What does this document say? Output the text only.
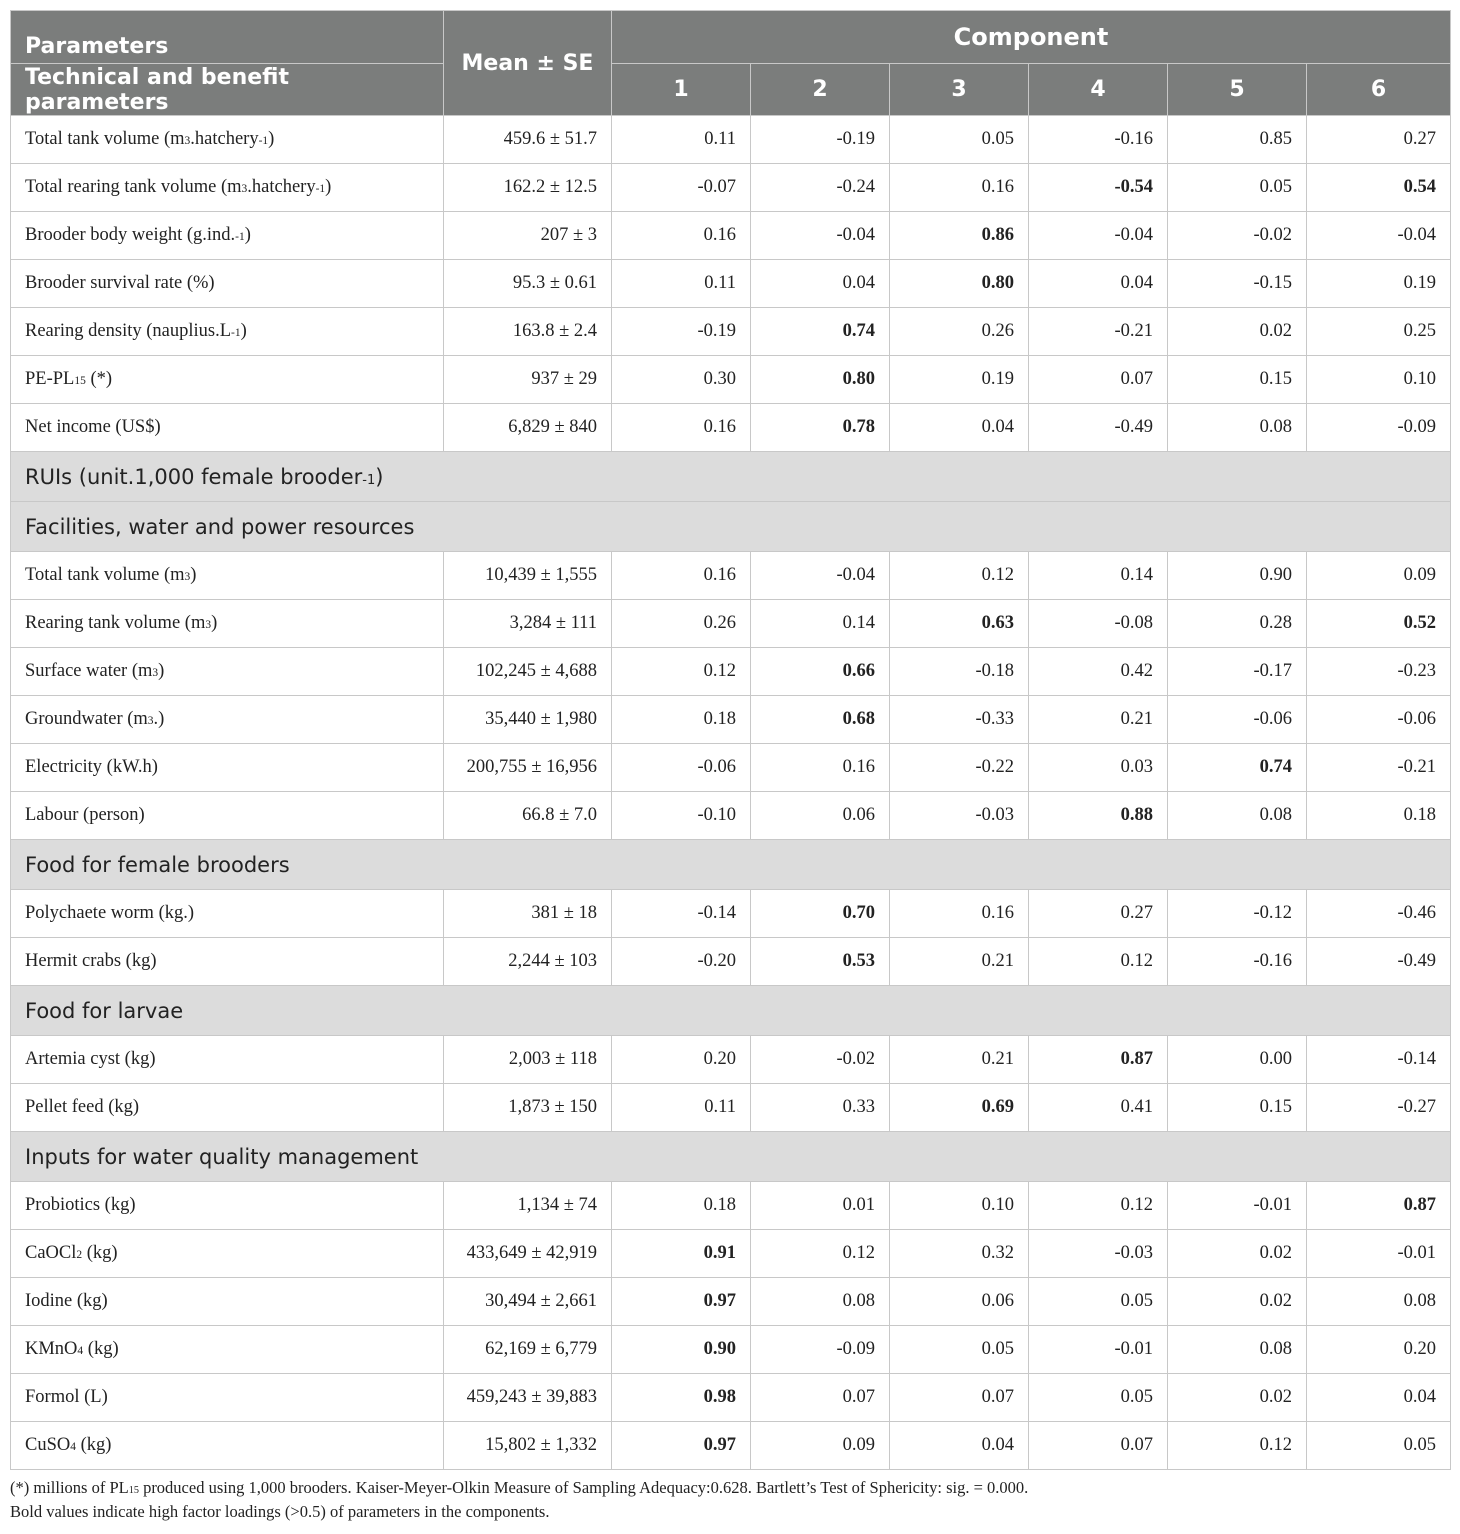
Parameters	Mean ± SE	Component					
Technical and benefit parameters		1	2	3	4	5	6
Total tank volume $(m^3.hatchery^{-1})$	459.6 ± 51.7	0.11	-0.19	0.05	-0.16	0.85	0.27
Total rearing tank volume $(m^3.hatchery^{-1})$	162.2 ± 12.5	-0.07	-0.24	0.16	-0.54	0.05	0.54
Brooder body weight (g.ind.$^{-1}$)	207 ± 3	0.16	-0.04	0.86	-0.04	-0.02	-0.04
Brooder survival rate (%)	95.3 ± 0.61	0.11	0.04	0.80	0.04	-0.15	0.19
Rearing density $(nauplius.L^{-1})$	163.8 ± 2.4	-0.19	0.74	0.26	-0.21	0.02	0.25
$PE-PL_{15}$ (*)	937 ± 29	0.30	0.80	0.19	0.07	0.15	0.10
Net income (US$)	6,829 ± 840	0.16	0.78	0.04	-0.49	0.08	-0.09
RUIs (unit.1,000 female brooder$^{-1}$)							
Facilities, water and power resources							
Total tank volume $(m^3)$	10,439 ± 1,555	0.16	-0.04	0.12	0.14	0.90	0.09
Rearing tank volume $(m^3)$	3,284 ± 111	0.26	0.14	0.63	-0.08	0.28	0.52
Surface water $(m^3)$	102,245 ± 4,688	0.12	0.66	-0.18	0.42	-0.17	-0.23
Groundwater $(m^3.)$	35,440 ± 1,980	0.18	0.68	-0.33	0.21	-0.06	-0.06
Electricity (kW.h)	200,755 ± 16,956	-0.06	0.16	-0.22	0.03	0.74	-0.21
Labour (person)	66.8 ± 7.0	-0.10	0.06	-0.03	0.88	0.08	0.18
Food for female brooders							
Polychaete worm (kg.)	381 ± 18	-0.14	0.70	0.16	0.27	-0.12	-0.46
Hermit crabs (kg)	2,244 ± 103	-0.20	0.53	0.21	0.12	-0.16	-0.49
Food for larvae							
Artemia cyst (kg)	2,003 ± 118	0.20	-0.02	0.21	0.87	0.00	-0.14
Pellet feed (kg)	1,873 ± 150	0.11	0.33	0.69	0.41	0.15	-0.27
Inputs for water quality management							
Probiotics (kg)	1,134 ± 74	0.18	0.01	0.10	0.12	-0.01	0.87
CaOCl$_2$ (kg)	433,649 ± 42,919	0.91	0.12	0.32	-0.03	0.02	-0.01
Iodine (kg)	30,494 ± 2,661	0.97	0.08	0.06	0.05	0.02	0.08
KMnO$_4$ (kg)	62,169 ± 6,779	0.90	-0.09	0.05	-0.01	0.08	0.20
Formol (L)	459,243 ± 39,883	0.98	0.07	0.07	0.05	0.02	0.04
CuSO$_4$ (kg)	15,802 ± 1,332	0.97	0.09	0.04	0.07	0.12	0.05
(*) millions of $PL_{15}$ produced using 1,000 brooders. Kaiser-Meyer-Olkin Measure of Sampling Adequacy:0.628. Bartlett’s Test of Sphericity: sig. = 0.000.
Bold values indicate high factor loadings (>0.5) of parameters in the components.
